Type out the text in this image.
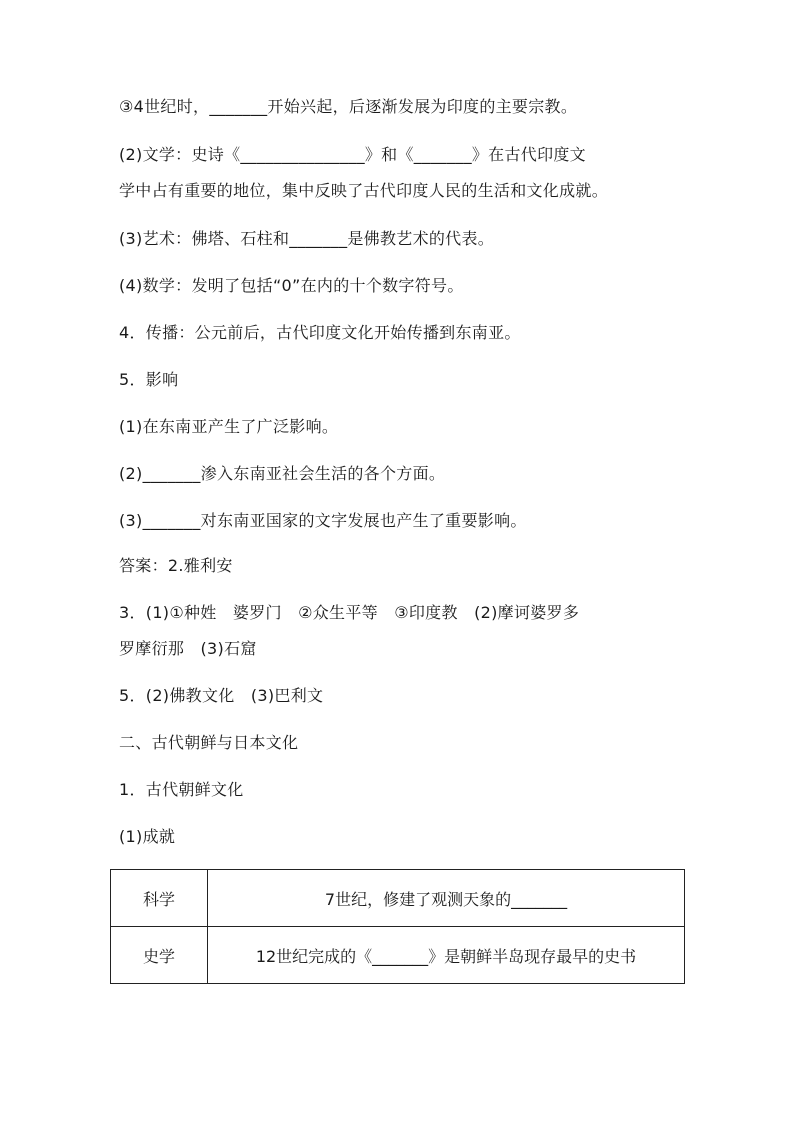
③4世纪时，_______开始兴起，后逐渐发展为印度的主要宗教。
(2)文学：史诗《_______________》和《_______》在古代印度文
学中占有重要的地位，集中反映了古代印度人民的生活和文化成就。
(3)艺术：佛塔、石柱和_______是佛教艺术的代表。
(4)数学：发明了包括“0”在内的十个数字符号。
4．传播：公元前后，古代印度文化开始传播到东南亚。
5．影响
(1)在东南亚产生了广泛影响。
(2)_______渗入东南亚社会生活的各个方面。
(3)_______对东南亚国家的文字发展也产生了重要影响。
答案：2.雅利安
3．(1)①种姓　婆罗门　②众生平等　③印度教　(2)摩诃婆罗多
罗摩衍那　(3)石窟
5．(2)佛教文化　(3)巴利文
二、古代朝鲜与日本文化
1．古代朝鲜文化
(1)成就
科学	7世纪，修建了观测天象的_______
史学	12世纪完成的《_______》是朝鲜半岛现存最早的史书
